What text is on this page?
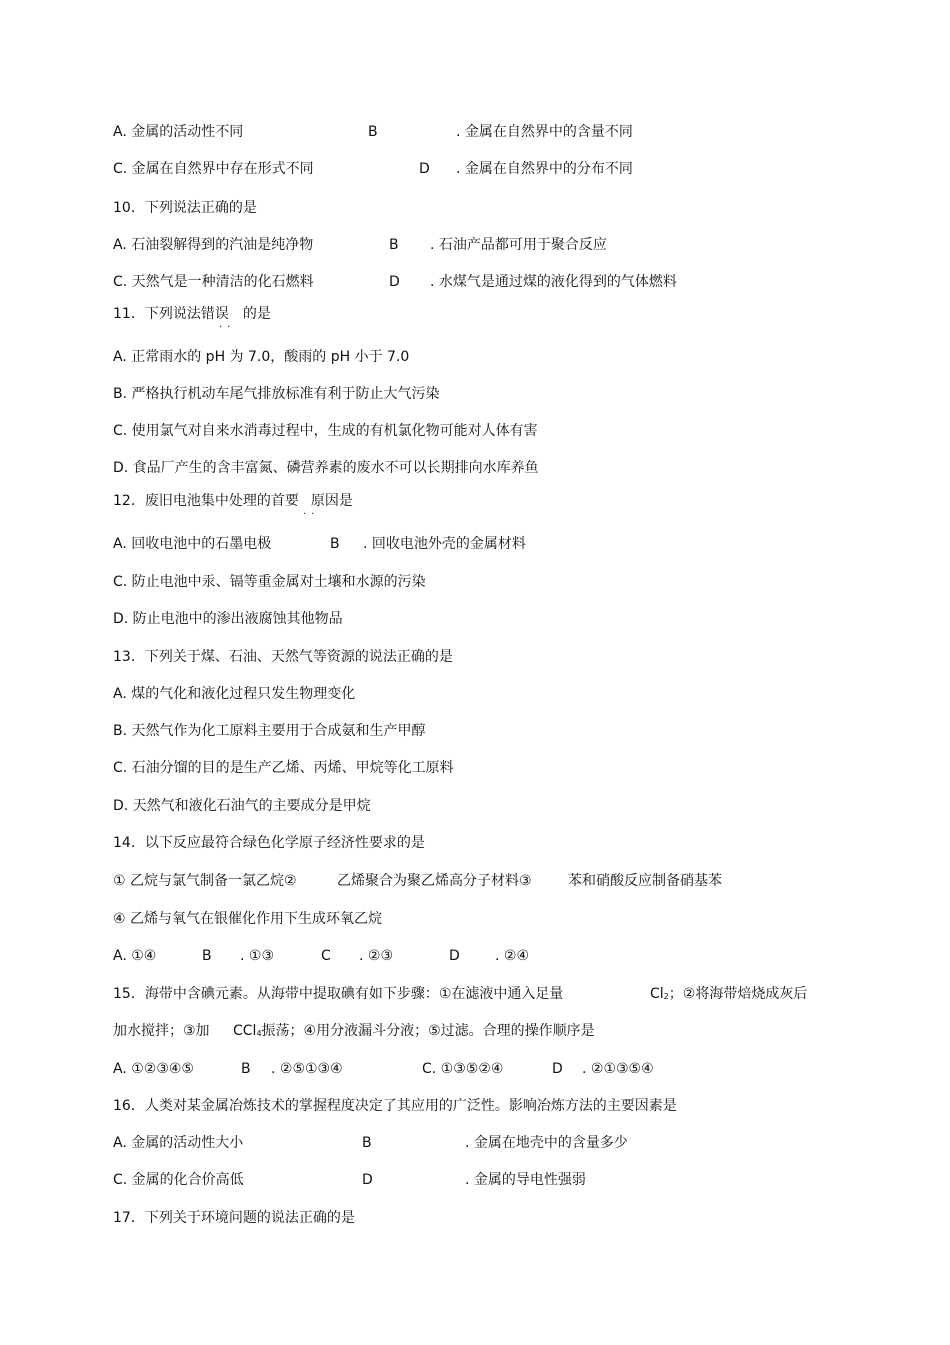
A. 金属的活动性不同	B	. 金属在自然界中的含量不同
C. 金属在自然界中存在形式不同	D . 金属在自然界中的分布不同
10．下列说法正确的是
A. 石油裂解得到的汽油是纯净物	B . 石油产品都可用于聚合反应
C. 天然气是一种清洁的化石燃料	D . 水煤气是通过煤的液化得到的气体燃料
11．下列说法错误 的是
..
A. 正常雨水的 pH 为 7.0，酸雨的 pH 小于 7.0
B. 严格执行机动车尾气排放标准有利于防止大气污染
C. 使用氯气对自来水消毒过程中，生成的有机氯化物可能对人体有害
D. 食品厂产生的含丰富氮、磷营养素的废水不可以长期排向水库养鱼
12．废旧电池集中处理的首要 原因是
..
A. 回收电池中的石墨电极	B . 回收电池外壳的金属材料
C. 防止电池中汞、镉等重金属对土壤和水源的污染
D. 防止电池中的渗出液腐蚀其他物品
13．下列关于煤、石油、天然气等资源的说法正确的是
A. 煤的气化和液化过程只发生物理变化
B. 天然气作为化工原料主要用于合成氨和生产甲醇
C. 石油分馏的目的是生产乙烯、丙烯、甲烷等化工原料
D. 天然气和液化石油气的主要成分是甲烷
14．以下反应最符合绿色化学原子经济性要求的是
① 乙烷与氯气制备一氯乙烷②	乙烯聚合为聚乙烯高分子材料③	苯和硝酸反应制备硝基苯
④ 乙烯与氧气在银催化作用下生成环氧乙烷
A. ①④	B . ①③	C . ②③	D	. ②④
15．海带中含碘元素。从海带中提取碘有如下步骤：①在滤液中通入足量	$Cl_2$；②将海带焙烧成灰后
加水搅拌；③加 CCl$_4$振荡；④用分液漏斗分液；⑤过滤。合理的操作顺序是
A. ①②③④⑤	B . ②⑤①③④	C. ①③⑤②④	D . ②①③⑤④
16．人类对某金属冶炼技术的掌握程度决定了其应用的广泛性。影响冶炼方法的主要因素是
A. 金属的活动性大小	B	. 金属在地壳中的含量多少
C. 金属的化合价高低	D	. 金属的导电性强弱
17．下列关于环境问题的说法正确的是
